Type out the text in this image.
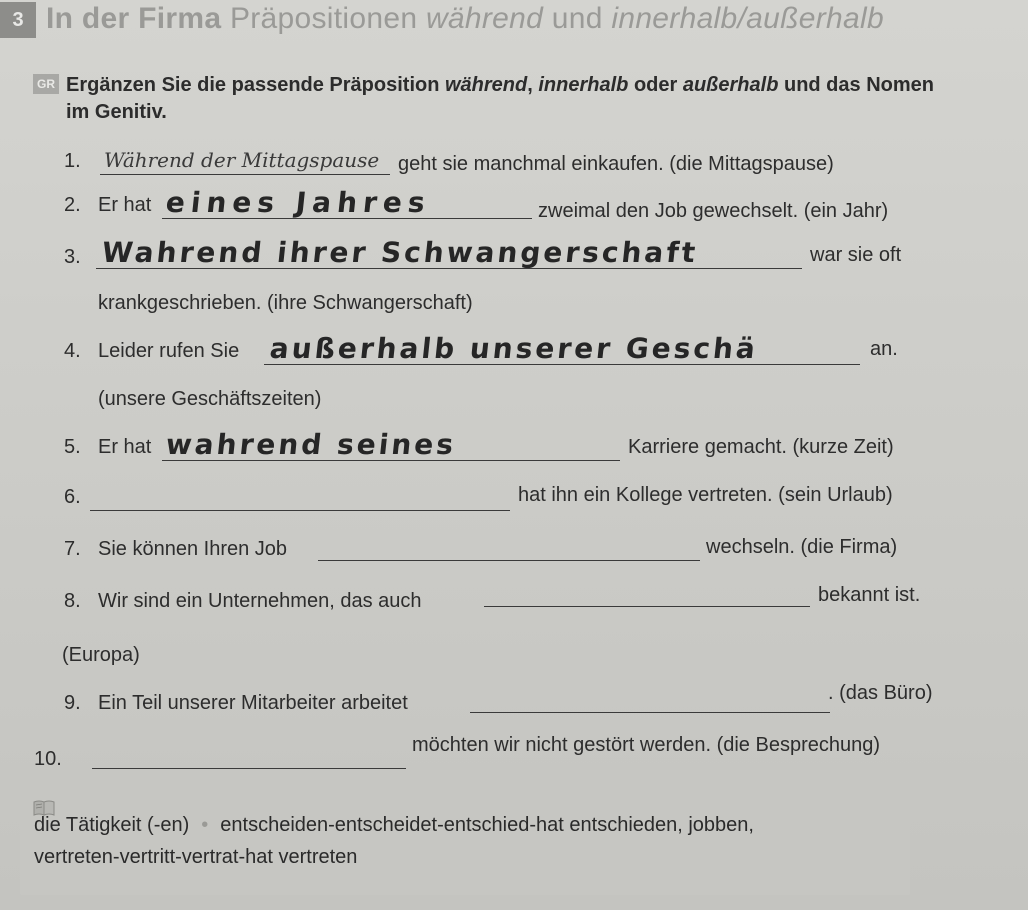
3 In der Firma Präpositionen während und innerhalb/außerhalb
GR Ergänzen Sie die passende Präposition während, innerhalb oder außerhalb und das Nomen im Genitiv.
1. Während der Mittagspause geht sie manchmal einkaufen. (die Mittagspause)
2. Er hat eines Jahres	zweimal den Job gewechselt. (ein Jahr)
3. Wahrend ihrer Schwangerschaft	war sie oft
krankgeschrieben. (ihre Schwangerschaft)
4. Leider rufen Sie außerhalb unserer Geschä	an.
(unsere Geschäftszeiten)
5. Er hat wahrend seines	Karriere gemacht. (kurze Zeit)
6.	hat ihn ein Kollege vertreten. (sein Urlaub)
7. Sie können Ihren Job	wechseln. (die Firma)
8. Wir sind ein Unternehmen, das auch	bekannt ist.
(Europa)
9. Ein Teil unserer Mitarbeiter arbeitet	. (das Büro)
10.
möchten wir nicht gestört werden. (die Besprechung)
die Tätigkeit (-en) • entscheiden-entscheidet-entschied-hat entschieden, jobben,
vertreten-vertritt-vertrat-hat vertreten
